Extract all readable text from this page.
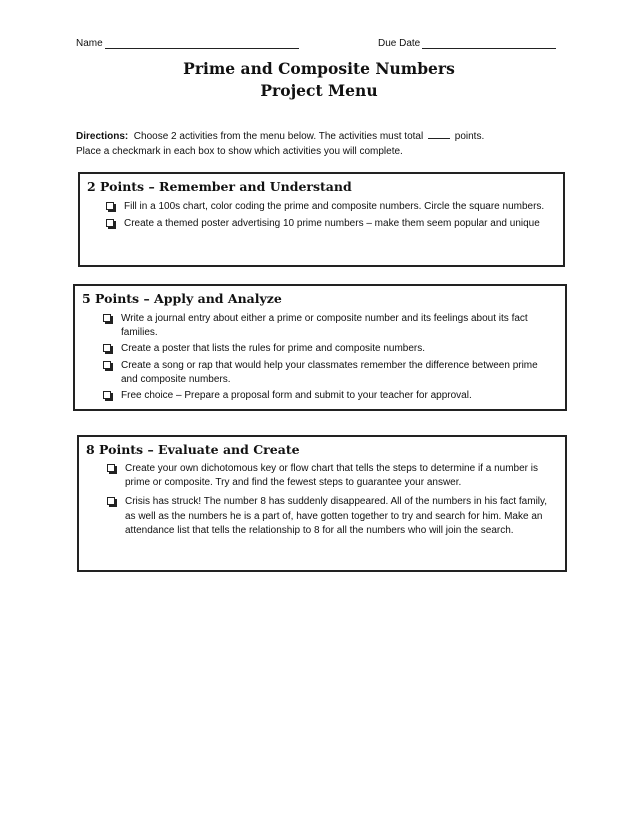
Name	Due Date
Prime and Composite Numbers
Project Menu
Directions: Choose 2 activities from the menu below. The activities must total	points.
Place a checkmark in each box to show which activities you will complete.
2 Points – Remember and Understand
Fill in a 100s chart, color coding the prime and composite numbers. Circle the square numbers.
Create a themed poster advertising 10 prime numbers – make them seem popular and unique
5 Points – Apply and Analyze
Write a journal entry about either a prime or composite number and its feelings about its fact families.
Create a poster that lists the rules for prime and composite numbers.
Create a song or rap that would help your classmates remember the difference between prime and composite numbers.
Free choice – Prepare a proposal form and submit to your teacher for approval.
8 Points – Evaluate and Create
Create your own dichotomous key or flow chart that tells the steps to determine if a number is prime or composite. Try and find the fewest steps to guarantee your answer.
Crisis has struck! The number 8 has suddenly disappeared. All of the numbers in his fact family, as well as the numbers he is a part of, have gotten together to try and search for him. Make an attendance list that tells the relationship to 8 for all the numbers who will join the search.
